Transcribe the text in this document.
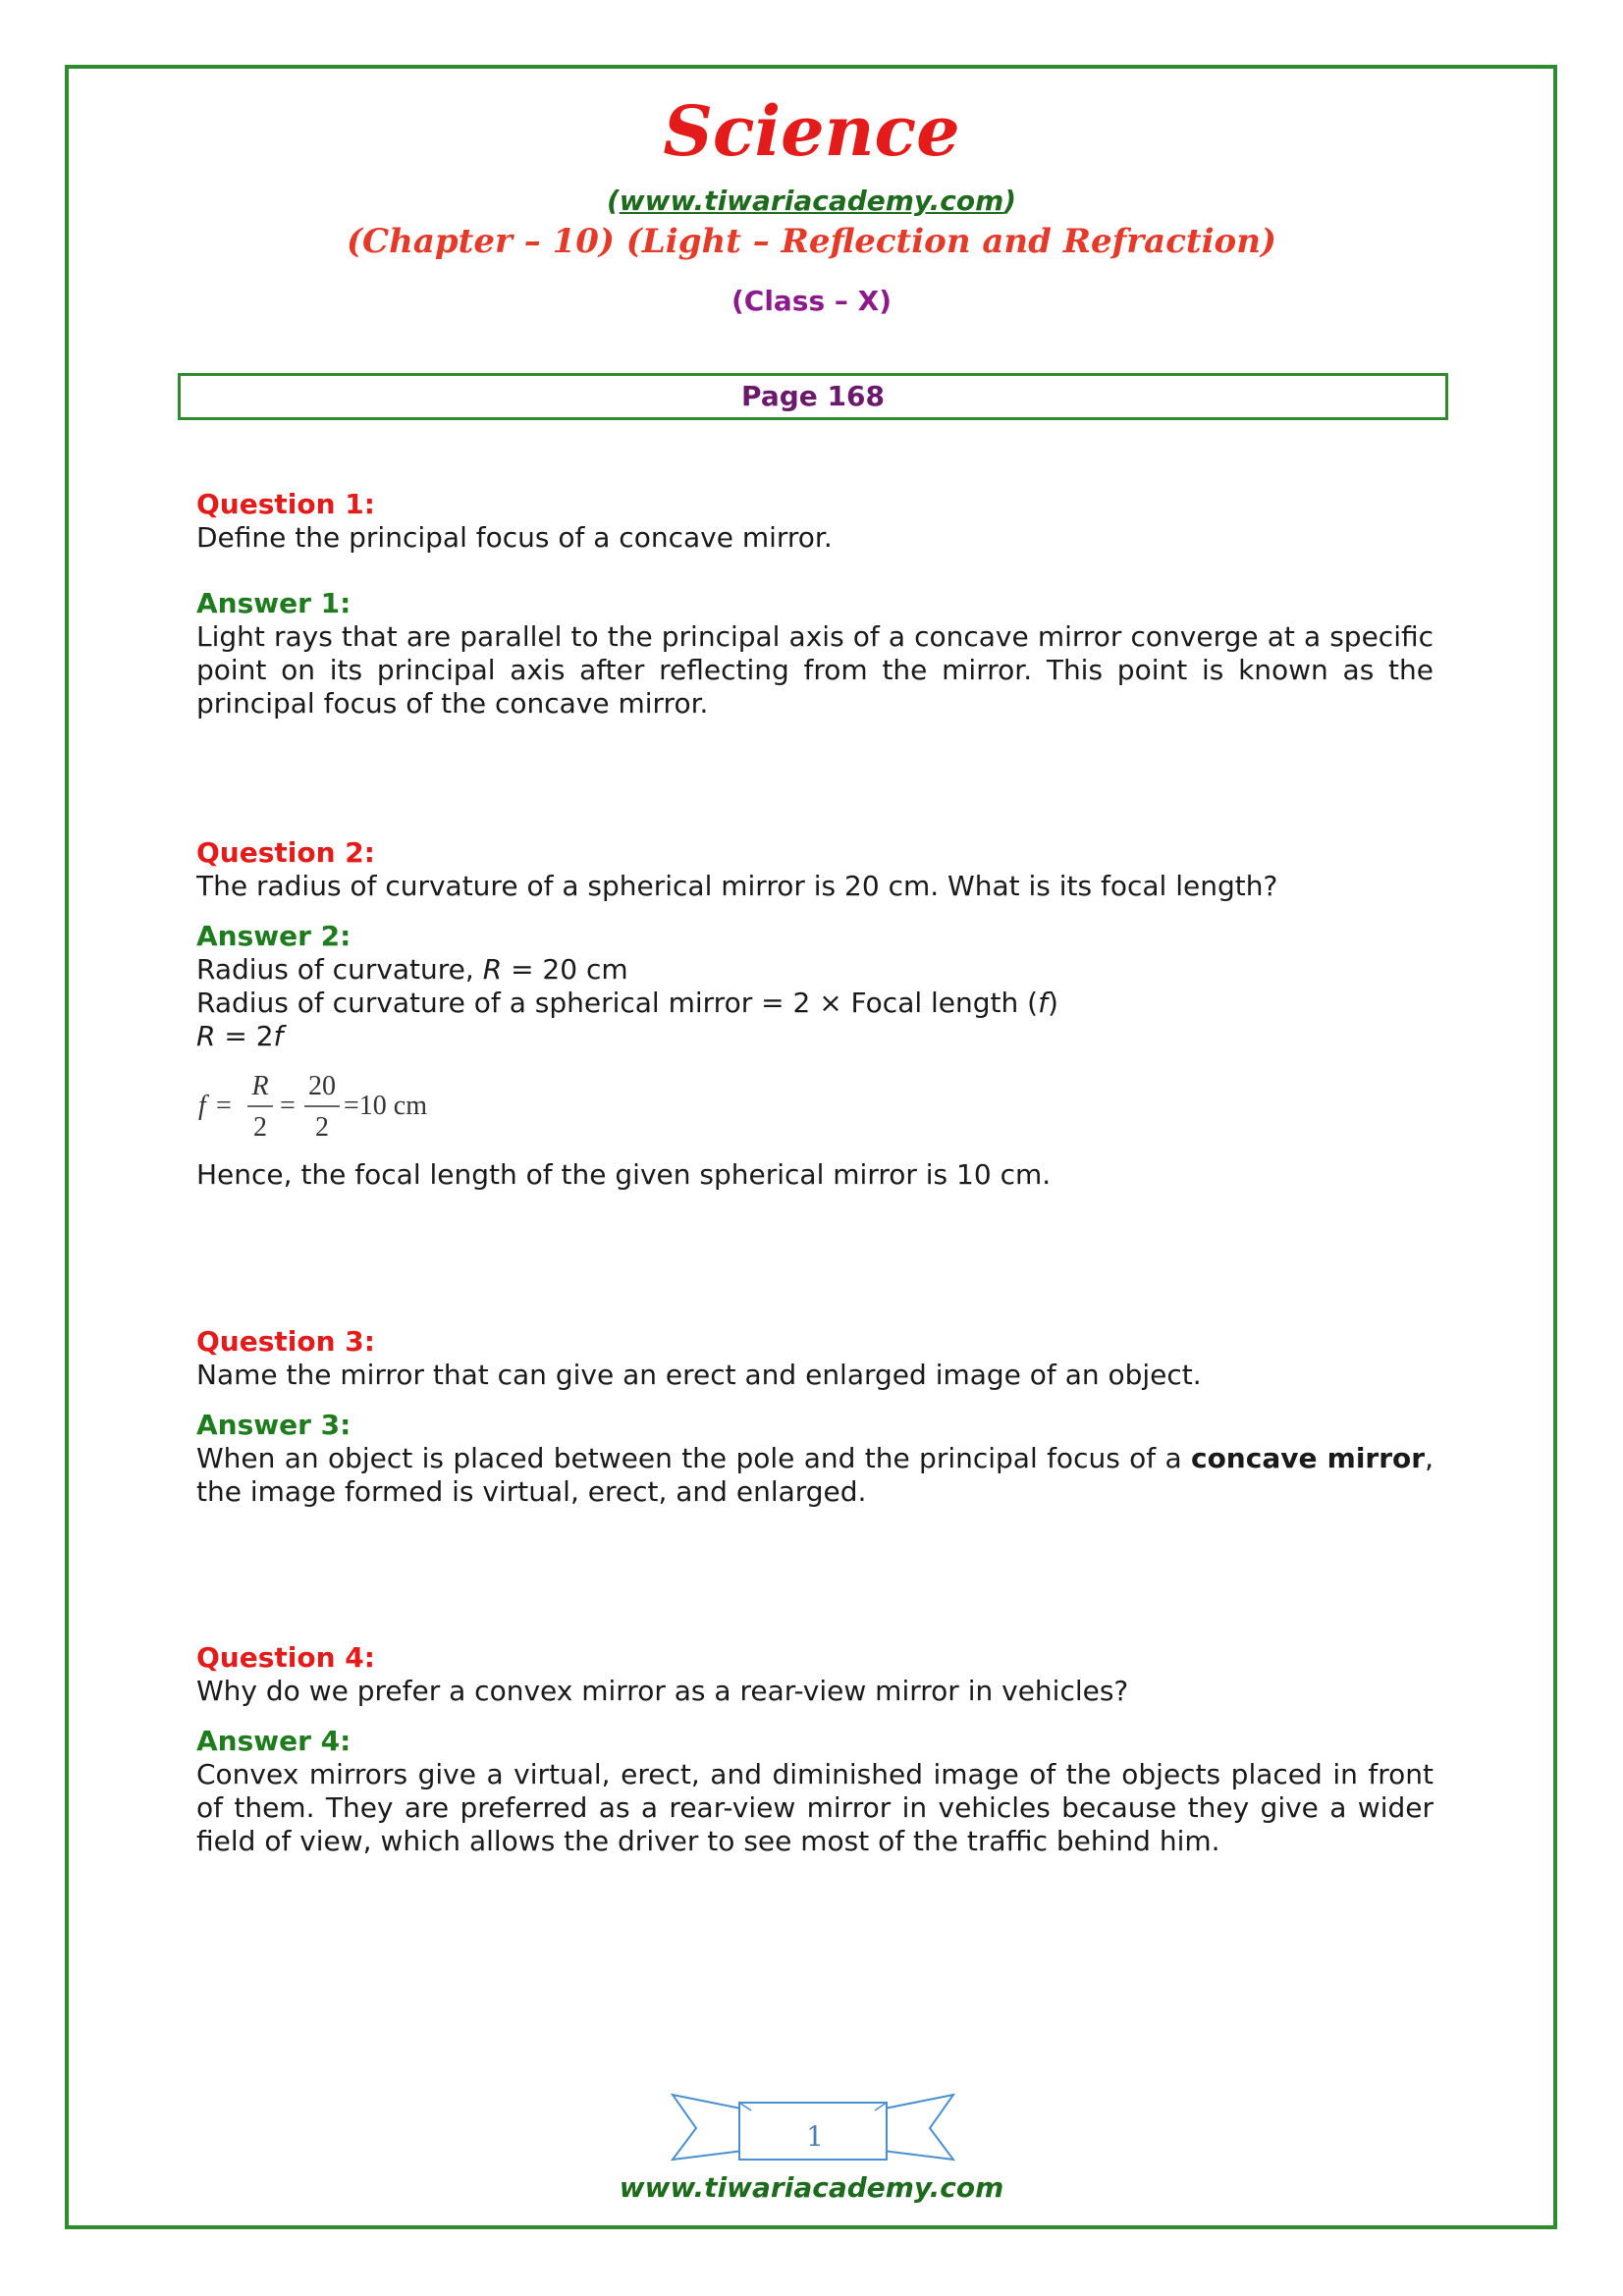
Science
(www.tiwariacademy.com)
(Chapter – 10) (Light – Reflection and Refraction)
(Class – X)
Page 168
Question 1:
Define the principal focus of a concave mirror.
Answer 1:
Light rays that are parallel to the principal axis of a concave mirror converge at a specific point on its principal axis after reflecting from the mirror. This point is known as the principal focus of the concave mirror.
Question 2:
The radius of curvature of a spherical mirror is 20 cm. What is its focal length?
Answer 2:
Radius of curvature, R = 20 cm
Radius of curvature of a spherical mirror = 2 × Focal length (f)
R = 2f
f =
R
2
=
20
2
=10 cm
Hence, the focal length of the given spherical mirror is 10 cm.
Question 3:
Name the mirror that can give an erect and enlarged image of an object.
Answer 3:
When an object is placed between the pole and the principal focus of a concave mirror, the image formed is virtual, erect, and enlarged.
Question 4:
Why do we prefer a convex mirror as a rear-view mirror in vehicles?
Answer 4:
Convex mirrors give a virtual, erect, and diminished image of the objects placed in front of them. They are preferred as a rear-view mirror in vehicles because they give a wider field of view, which allows the driver to see most of the traffic behind him.
1
www.tiwariacademy.com
